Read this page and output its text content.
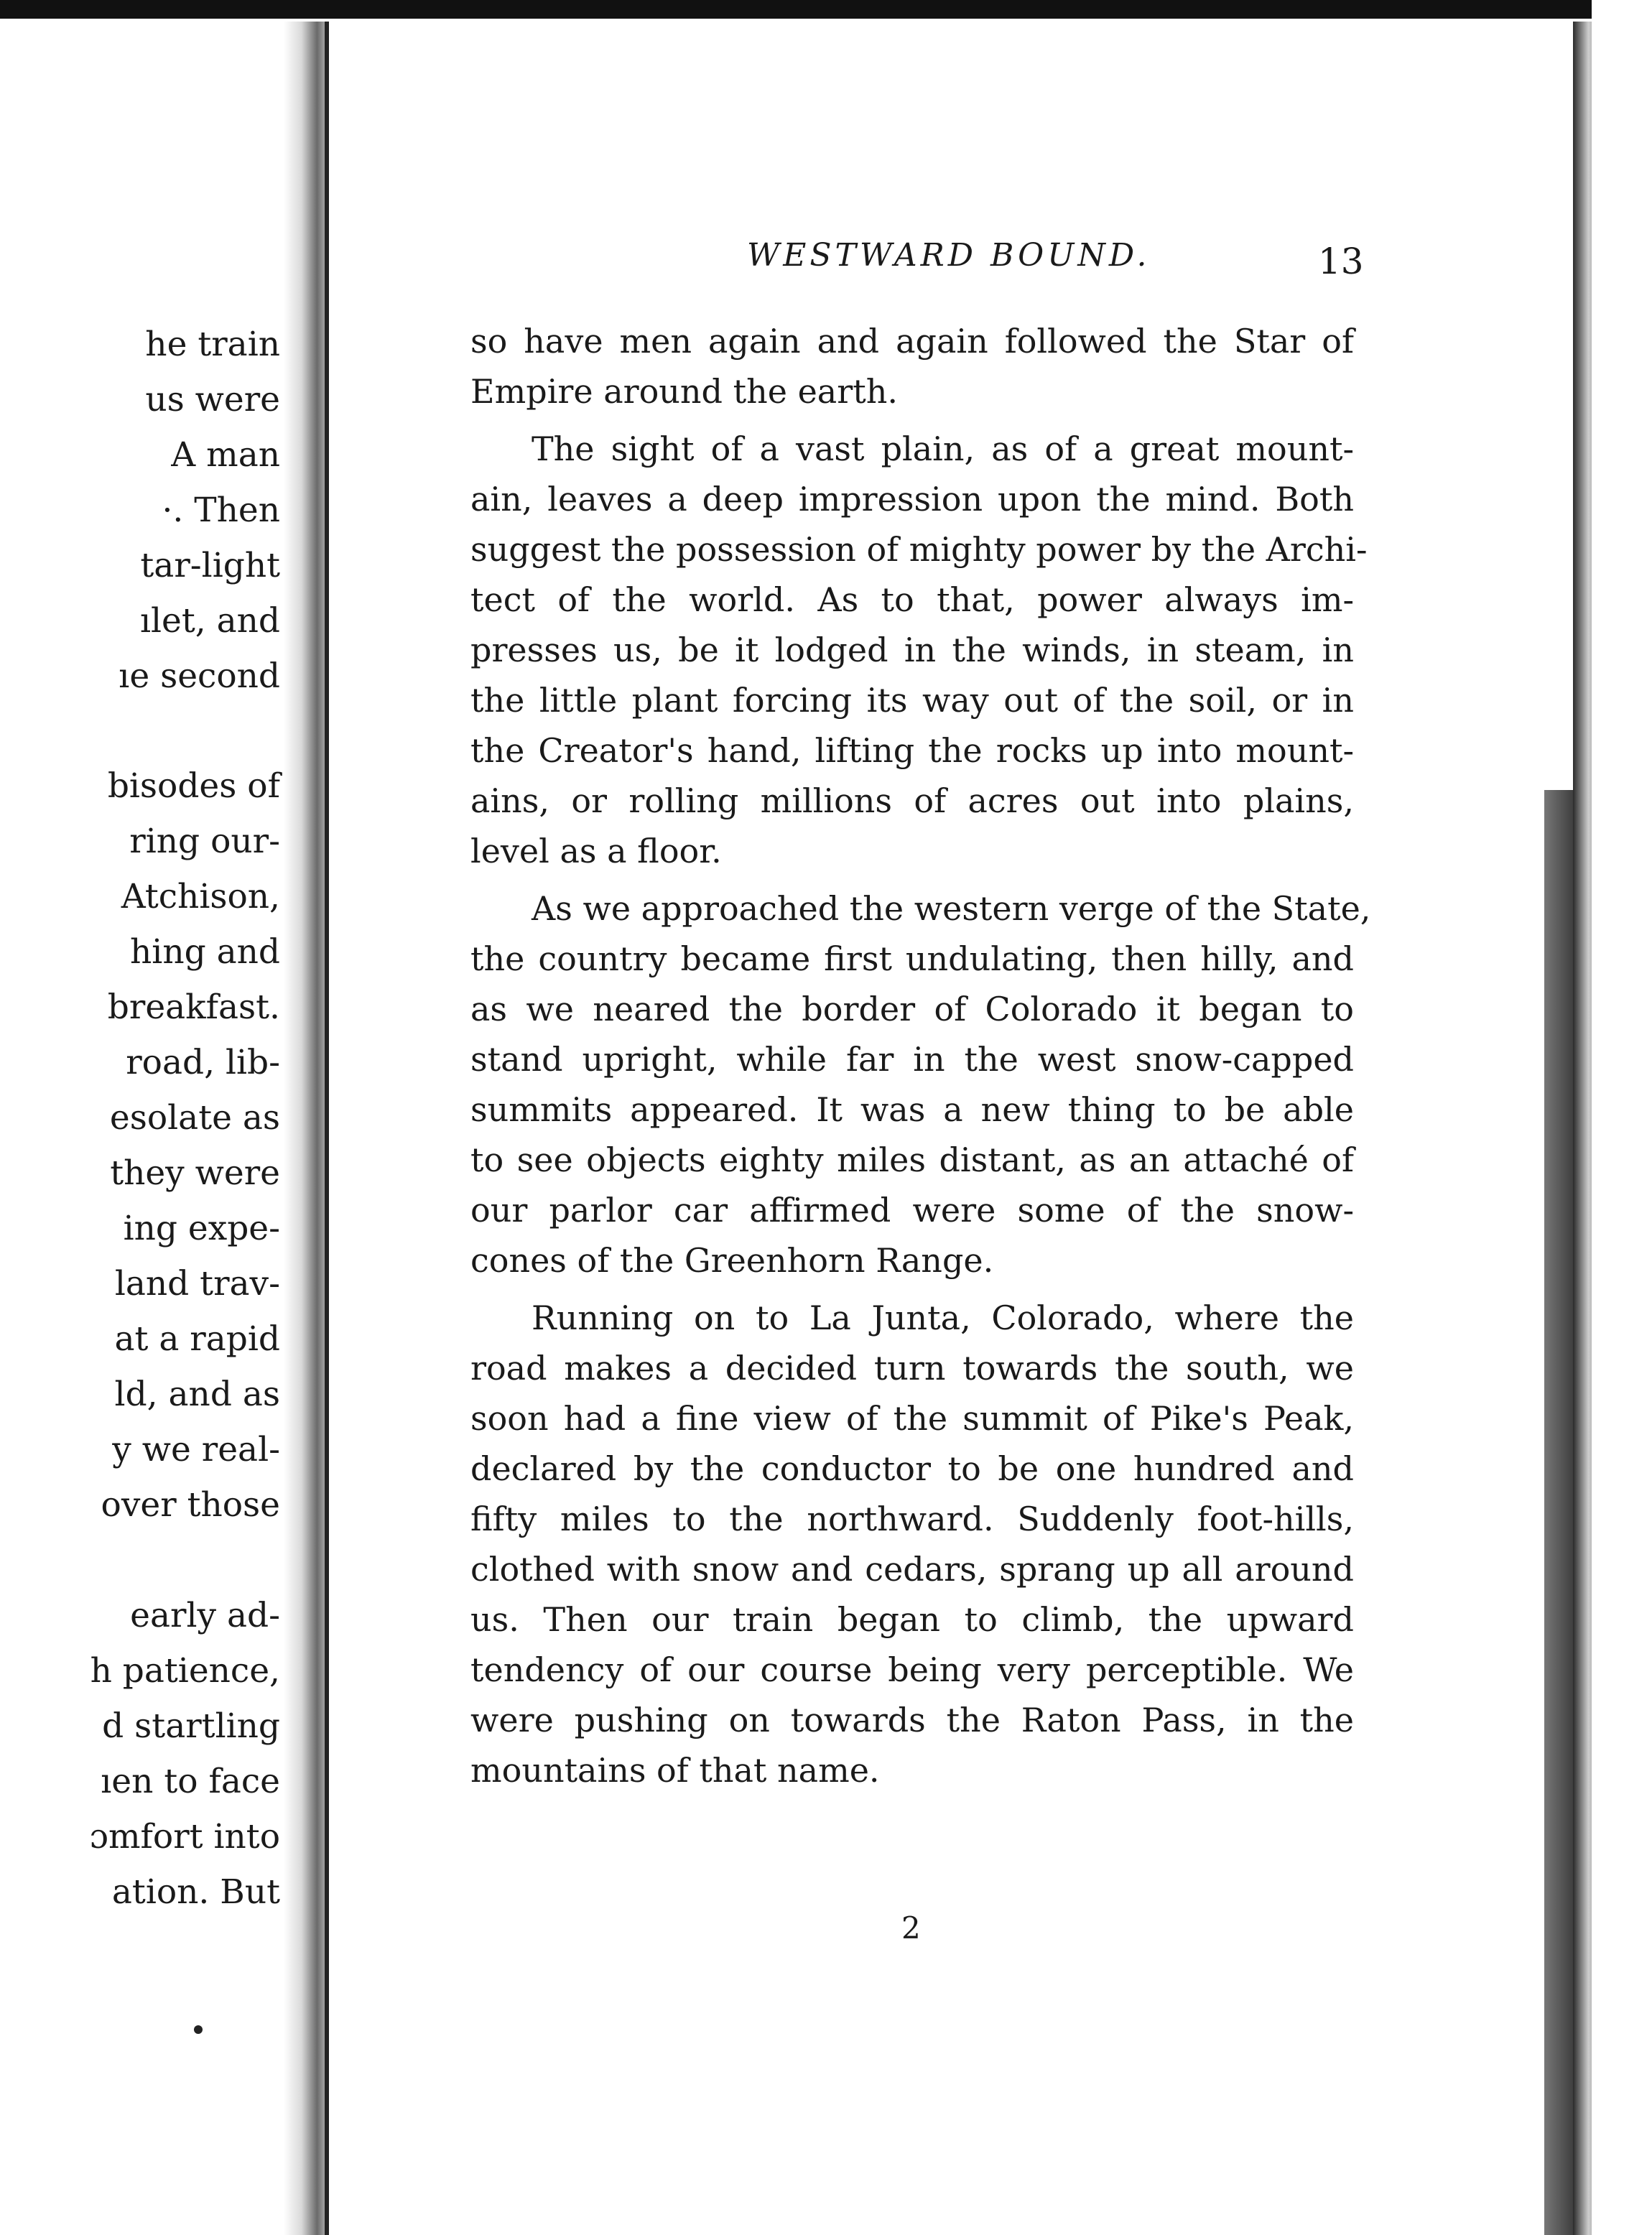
he train
us were
A man
·. Then
tar-light
ılet, and
ıe second
bisodes of
ring our-
Atchison,
hing and
breakfast.
road, lib-
esolate as
they were
ing expe-
land trav-
at a rapid
ld, and as
y we real-
over those
early ad-
h patience,
d startling
ıen to face
ɔmfort into
ation. But
WESTWARD BOUND.	13
so have men again and again followed the Star of
Empire around the earth.
The sight of a vast plain, as of a great mount-
ain, leaves a deep impression upon the mind. Both
suggest the possession of mighty power by the Archi-
tect of the world. As to that, power always im-
presses us, be it lodged in the winds, in steam, in
the little plant forcing its way out of the soil, or in
the Creator's hand, lifting the rocks up into mount-
ains, or rolling millions of acres out into plains,
level as a floor.
As we approached the western verge of the State,
the country became first undulating, then hilly, and
as we neared the border of Colorado it began to
stand upright, while far in the west snow-capped
summits appeared. It was a new thing to be able
to see objects eighty miles distant, as an attaché of
our parlor car affirmed were some of the snow-
cones of the Greenhorn Range.
Running on to La Junta, Colorado, where the
road makes a decided turn towards the south, we
soon had a fine view of the summit of Pike's Peak,
declared by the conductor to be one hundred and
fifty miles to the northward. Suddenly foot-hills,
clothed with snow and cedars, sprang up all around
us. Then our train began to climb, the upward
tendency of our course being very perceptible. We
were pushing on towards the Raton Pass, in the
mountains of that name.
2
